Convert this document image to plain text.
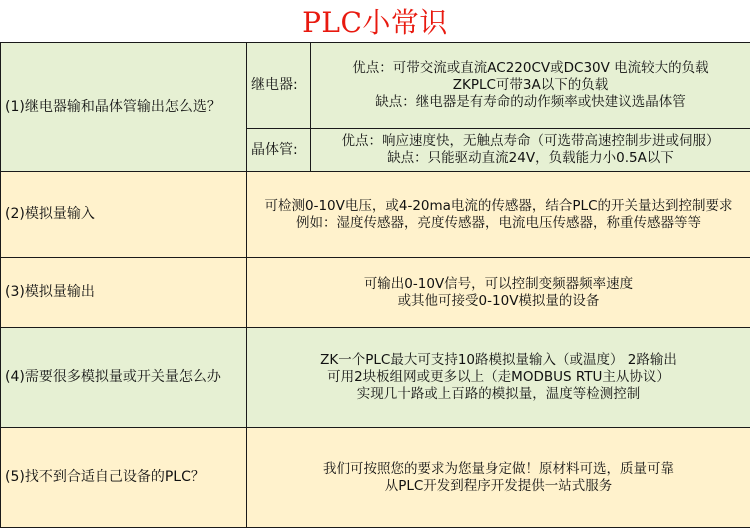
PLC小常识
(1)继电器输和晶体管输出怎么选？	继电器:	优点：可带交流或直流AC220CV或DC30V 电流较大的负载
ZKPLC可带3A以下的负载
缺点：继电器是有寿命的动作频率或快建议选晶体管

	晶体管:	优点：响应速度快，无触点寿命（可选带高速控制步进或伺服）
缺点：只能驱动直流24V，负载能力小0.5A以下

(2)模拟量输入	可检测0-10V电压，或4-20ma电流的传感器，结合PLC的开关量达到控制要求
例如：湿度传感器，亮度传感器，电流电压传感器，称重传感器等等	

(3)模拟量输出	可输出0-10V信号，可以控制变频器频率速度
或其他可接受0-10V模拟量的设备	

(4)需要很多模拟量或开关量怎么办	ZK一个PLC最大可支持10路模拟量输入（或温度） 2路输出
可用2块板组网或更多以上（走MODBUS RTU主从协议）
实现几十路或上百路的模拟量，温度等检测控制	

(5)找不到合适自己设备的PLC？	我们可按照您的要求为您量身定做！原材料可选，质量可靠
从PLC开发到程序开发提供一站式服务	
